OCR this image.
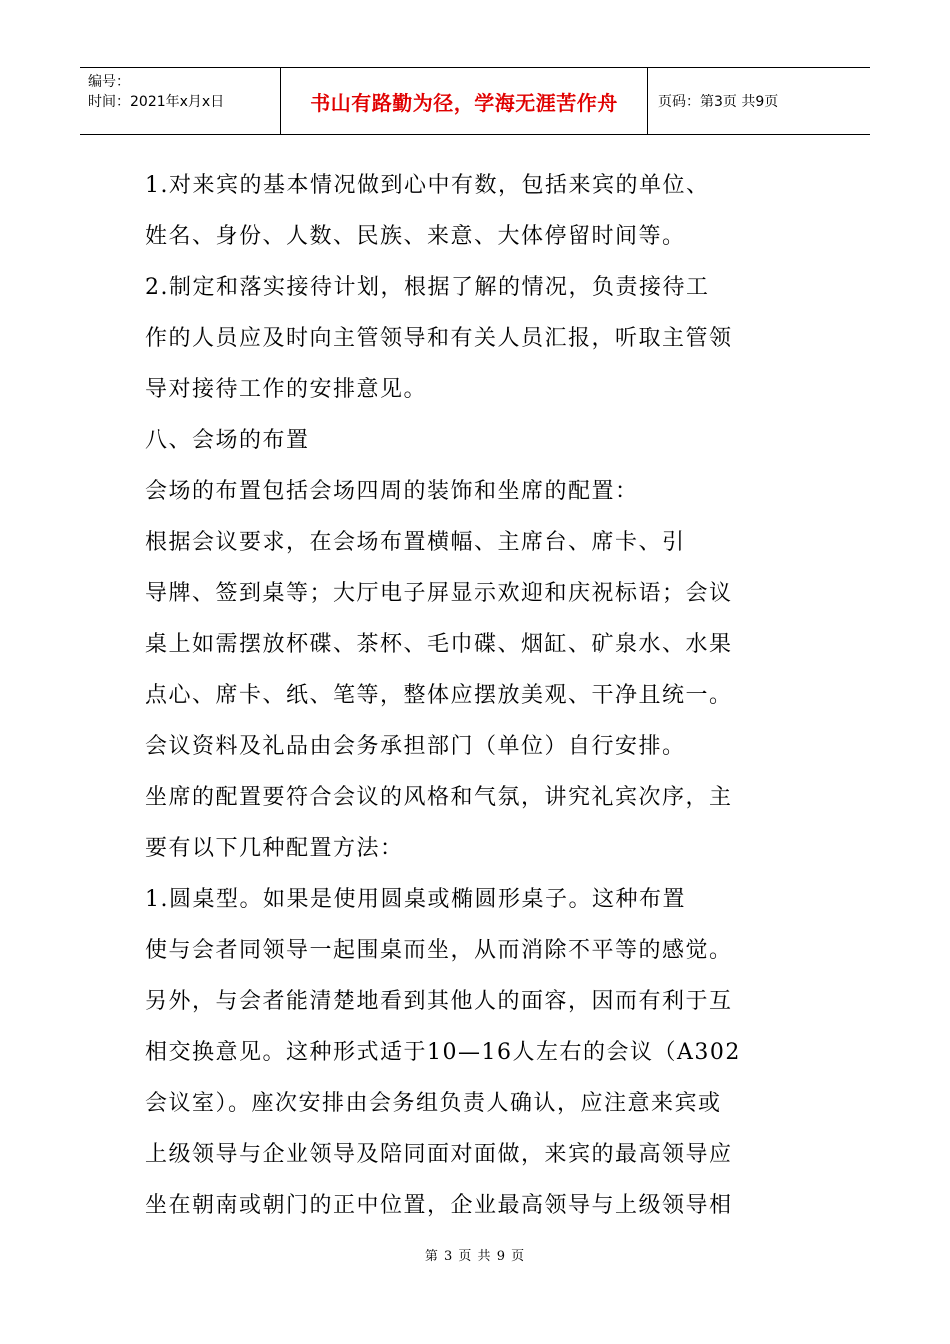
编号：
时间：2021年x月x日	书山有路勤为径，学海无涯苦作舟	页码：第3页 共9页
1.对来宾的基本情况做到心中有数，包括来宾的单位、
姓名、身份、人数、民族、来意、大体停留时间等。
2.制定和落实接待计划，根据了解的情况，负责接待工
作的人员应及时向主管领导和有关人员汇报，听取主管领
导对接待工作的安排意见。
八、会场的布置
会场的布置包括会场四周的装饰和坐席的配置：
根据会议要求，在会场布置横幅、主席台、席卡、引
导牌、签到桌等；大厅电子屏显示欢迎和庆祝标语；会议
桌上如需摆放杯碟、茶杯、毛巾碟、烟缸、矿泉水、水果
点心、席卡、纸、笔等，整体应摆放美观、干净且统一。
会议资料及礼品由会务承担部门（单位）自行安排。
坐席的配置要符合会议的风格和气氛，讲究礼宾次序，主
要有以下几种配置方法：
1.圆桌型。如果是使用圆桌或椭圆形桌子。这种布置
使与会者同领导一起围桌而坐，从而消除不平等的感觉。
另外，与会者能清楚地看到其他人的面容，因而有利于互
相交换意见。这种形式适于10—16人左右的会议（A302
会议室）。座次安排由会务组负责人确认，应注意来宾或
上级领导与企业领导及陪同面对面做，来宾的最高领导应
坐在朝南或朝门的正中位置，企业最高领导与上级领导相
第 3 页 共 9 页
